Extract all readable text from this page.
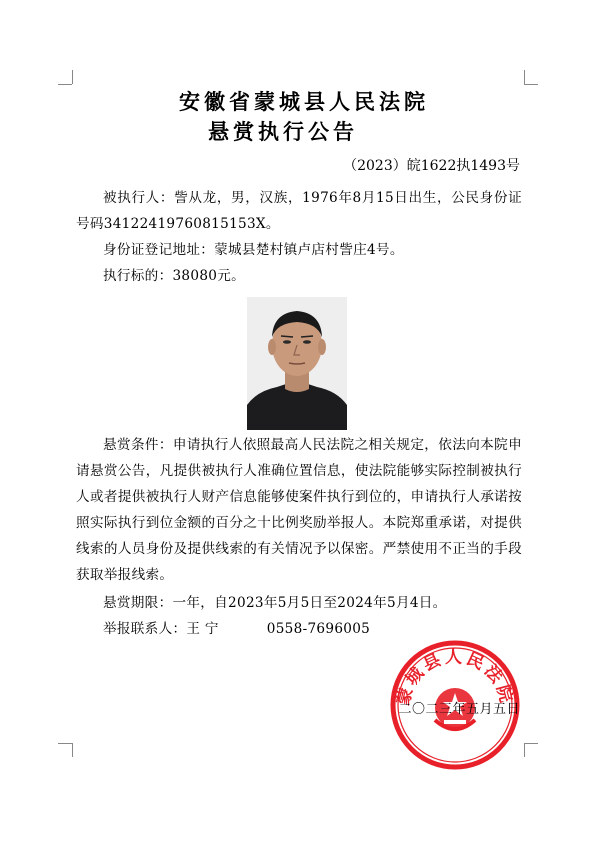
安徽省蒙城县人民法院
悬赏执行公告

（2023）皖1622执1493号

被执行人：訾从龙，男，汉族，1976年8月15日出生，公民身份证号码341224197608151​53X。

身份证登记地址：蒙城县楚村镇卢店村訾庄4号。

执行标的：38080元。

悬赏条件：申请执行人依照最高人民法院之相关规定，依法向本院申请悬赏公告，凡提供被执行人准确位置信息，使法院能够实际控制被执行人或者提供被执行人财产信息能够使案件执行到位的，申请执行人承诺按照实际执行到位金额的百分之十比例奖励举报人。本院郑重承诺，对提供线索的人员身份及提供线索的有关情况予以保密。严禁使用不正当的手段获取举报线索。

悬赏期限：一年，自2023年5月5日至2024年5月4日。

举报联系人：王 宁	0558-7696005

蒙城县人民法院

二〇二三年五月五日
